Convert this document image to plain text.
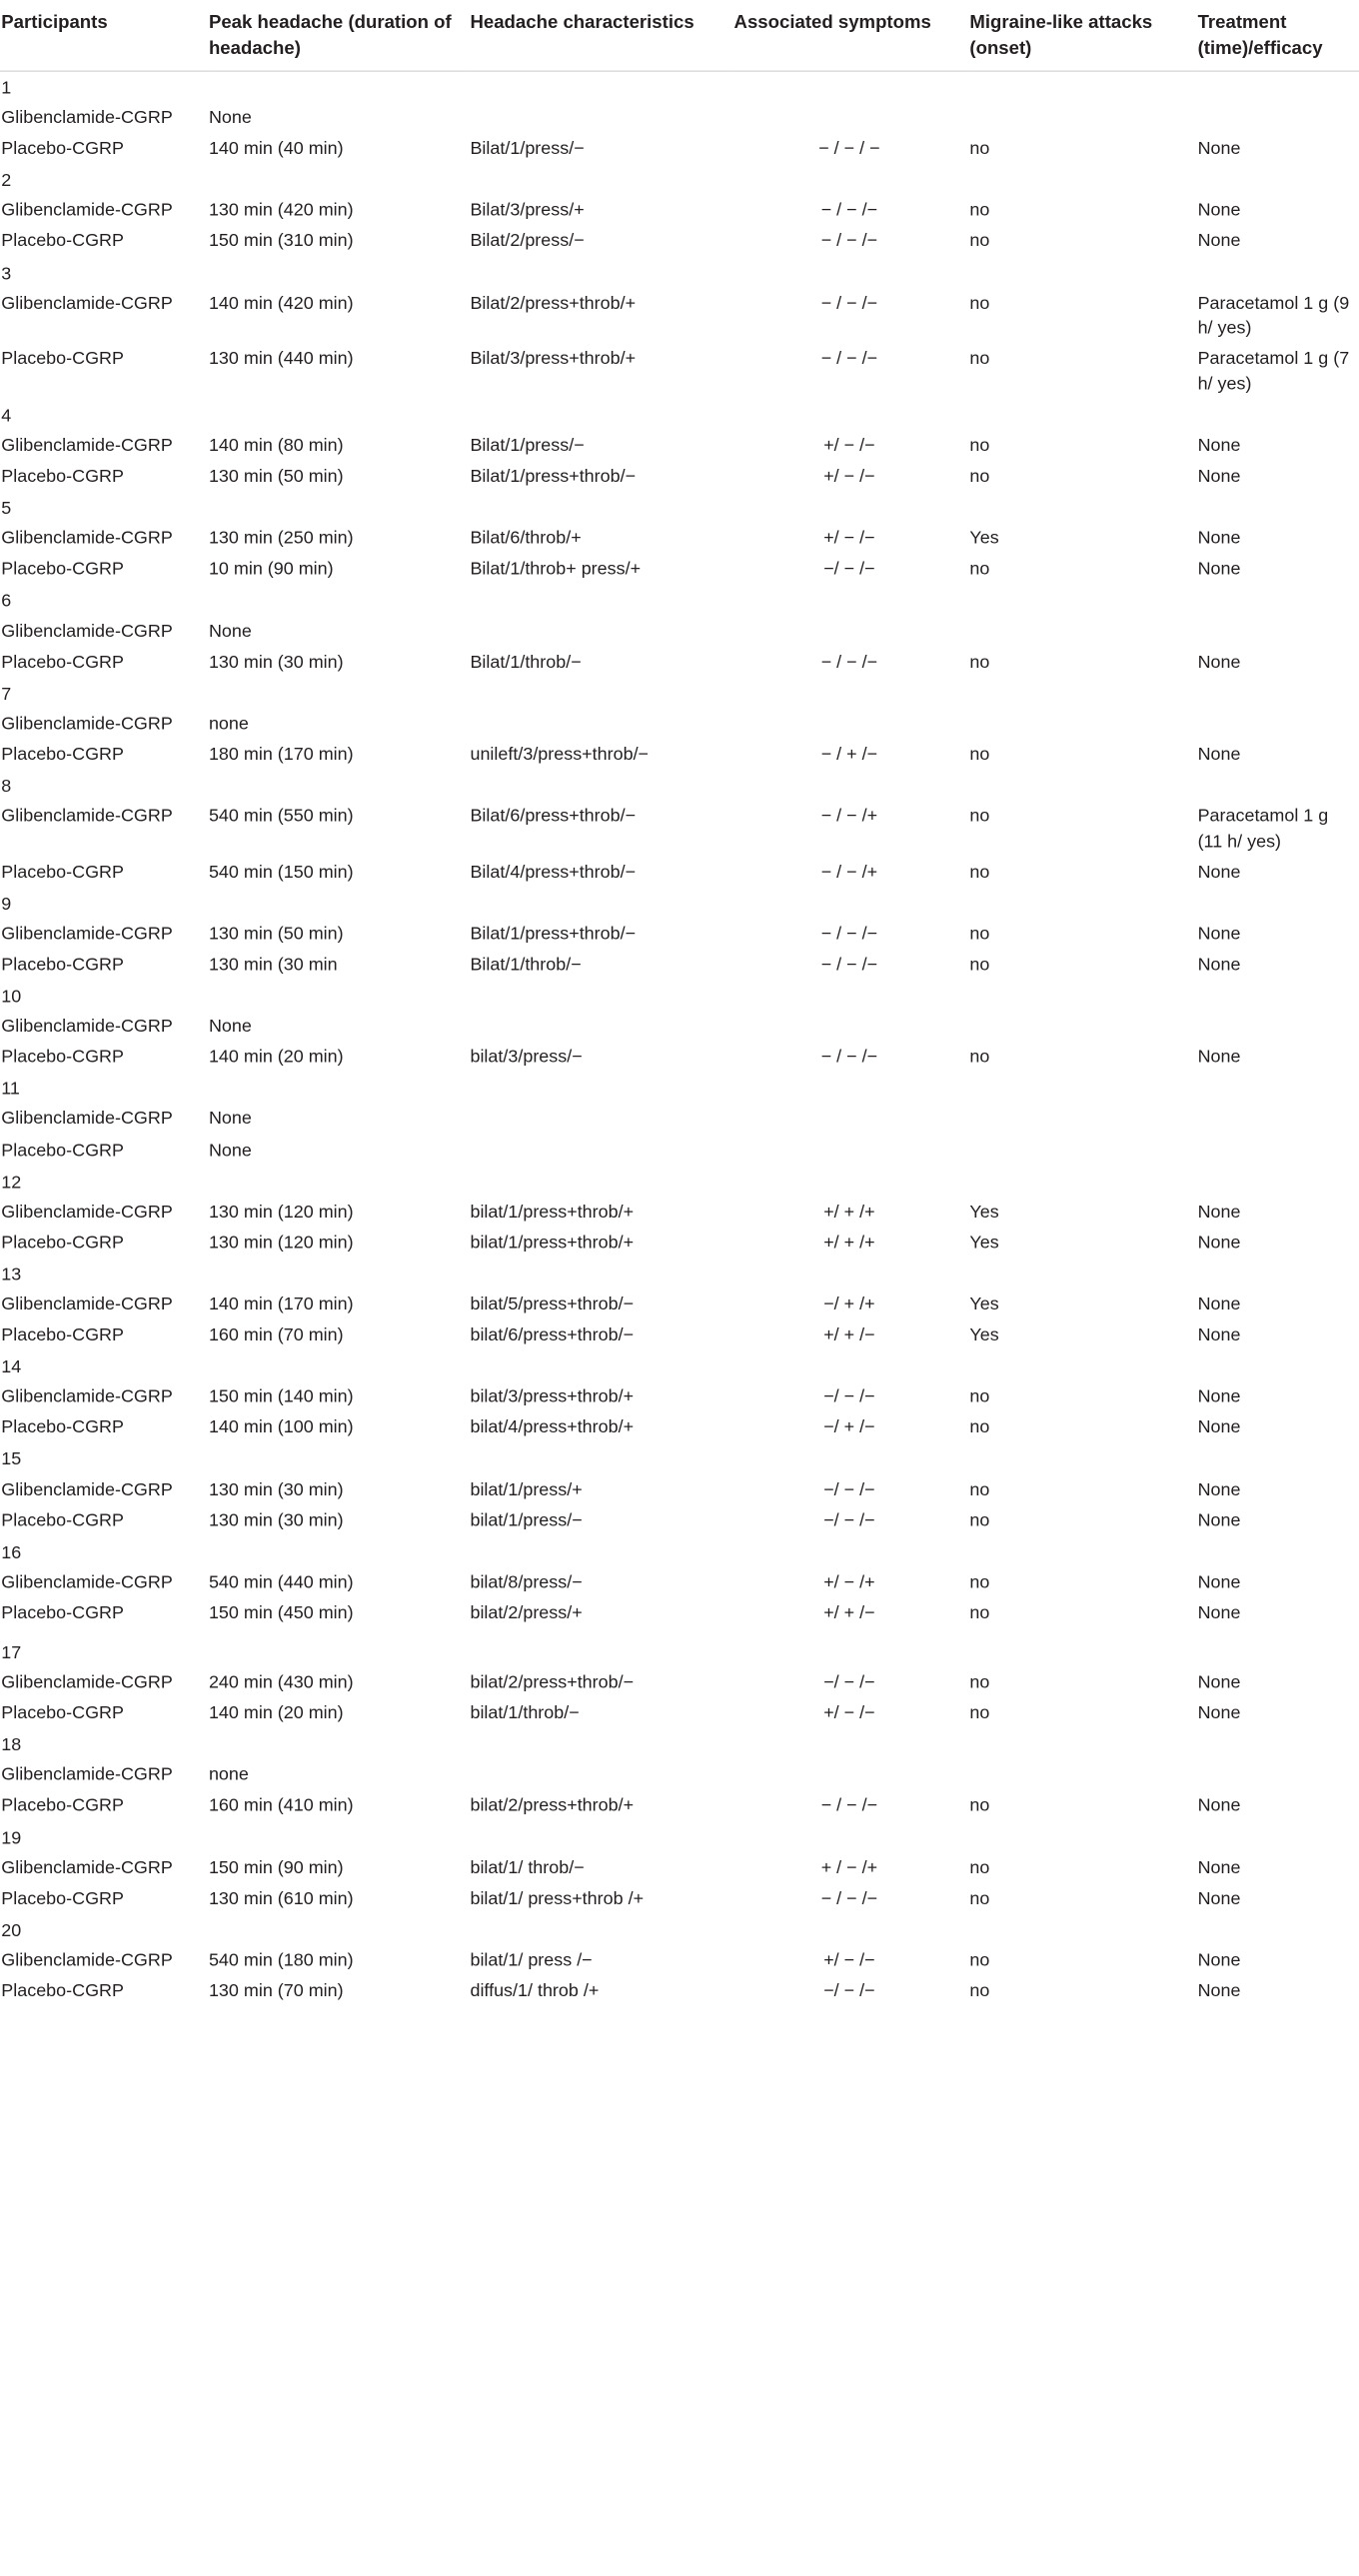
Participants	Peak headache (duration of headache)	Headache characteristics	Associated symptoms	Migraine-like attacks (onset)	Treatment (time)/efficacy
1					
Glibenclamide-CGRP	None				
Placebo-CGRP	140 min (40 min)	Bilat/1/press/−	− / − / −	no	None
2					
Glibenclamide-CGRP	130 min (420 min)	Bilat/3/press/+	− / − /−	no	None
Placebo-CGRP	150 min (310 min)	Bilat/2/press/−	− / − /−	no	None
3					
Glibenclamide-CGRP	140 min (420 min)	Bilat/2/press+throb/+	− / − /−	no	Paracetamol 1 g (9 h/ yes)
Placebo-CGRP	130 min (440 min)	Bilat/3/press+throb/+	− / − /−	no	Paracetamol 1 g (7 h/ yes)
4					
Glibenclamide-CGRP	140 min (80 min)	Bilat/1/press/−	+/ − /−	no	None
Placebo-CGRP	130 min (50 min)	Bilat/1/press+throb/−	+/ − /−	no	None
5					
Glibenclamide-CGRP	130 min (250 min)	Bilat/6/throb/+	+/ − /−	Yes	None
Placebo-CGRP	10 min (90 min)	Bilat/1/throb+ press/+	−/ − /−	no	None
6					
Glibenclamide-CGRP	None				
Placebo-CGRP	130 min (30 min)	Bilat/1/throb/−	− / − /−	no	None
7					
Glibenclamide-CGRP	none				
Placebo-CGRP	180 min (170 min)	unileft/3/press+throb/−	− / + /−	no	None
8					
Glibenclamide-CGRP	540 min (550 min)	Bilat/6/press+throb/−	− / − /+	no	Paracetamol 1 g (11 h/ yes)
Placebo-CGRP	540 min (150 min)	Bilat/4/press+throb/−	− / − /+	no	None
9					
Glibenclamide-CGRP	130 min (50 min)	Bilat/1/press+throb/−	− / − /−	no	None
Placebo-CGRP	130 min (30 min	Bilat/1/throb/−	− / − /−	no	None
10					
Glibenclamide-CGRP	None				
Placebo-CGRP	140 min (20 min)	bilat/3/press/−	− / − /−	no	None
11					
Glibenclamide-CGRP	None				
Placebo-CGRP	None				
12					
Glibenclamide-CGRP	130 min (120 min)	bilat/1/press+throb/+	+/ + /+	Yes	None
Placebo-CGRP	130 min (120 min)	bilat/1/press+throb/+	+/ + /+	Yes	None
13					
Glibenclamide-CGRP	140 min (170 min)	bilat/5/press+throb/−	−/ + /+	Yes	None
Placebo-CGRP	160 min (70 min)	bilat/6/press+throb/−	+/ + /−	Yes	None
14					
Glibenclamide-CGRP	150 min (140 min)	bilat/3/press+throb/+	−/ − /−	no	None
Placebo-CGRP	140 min (100 min)	bilat/4/press+throb/+	−/ + /−	no	None
15					
Glibenclamide-CGRP	130 min (30 min)	bilat/1/press/+	−/ − /−	no	None
Placebo-CGRP	130 min (30 min)	bilat/1/press/−	−/ − /−	no	None
16					
Glibenclamide-CGRP	540 min (440 min)	bilat/8/press/−	+/ − /+	no	None
Placebo-CGRP	150 min (450 min)	bilat/2/press/+	+/ + /−	no	None

17					
Glibenclamide-CGRP	240 min (430 min)	bilat/2/press+throb/−	−/ − /−	no	None
Placebo-CGRP	140 min (20 min)	bilat/1/throb/−	+/ − /−	no	None
18					
Glibenclamide-CGRP	none				
Placebo-CGRP	160 min (410 min)	bilat/2/press+throb/+	− / − /−	no	None
19					
Glibenclamide-CGRP	150 min (90 min)	bilat/1/ throb/−	+ / − /+	no	None
Placebo-CGRP	130 min (610 min)	bilat/1/ press+throb /+	− / − /−	no	None
20					
Glibenclamide-CGRP	540 min (180 min)	bilat/1/ press /−	+/ − /−	no	None
Placebo-CGRP	130 min (70 min)	diffus/1/ throb /+	−/ − /−	no	None
